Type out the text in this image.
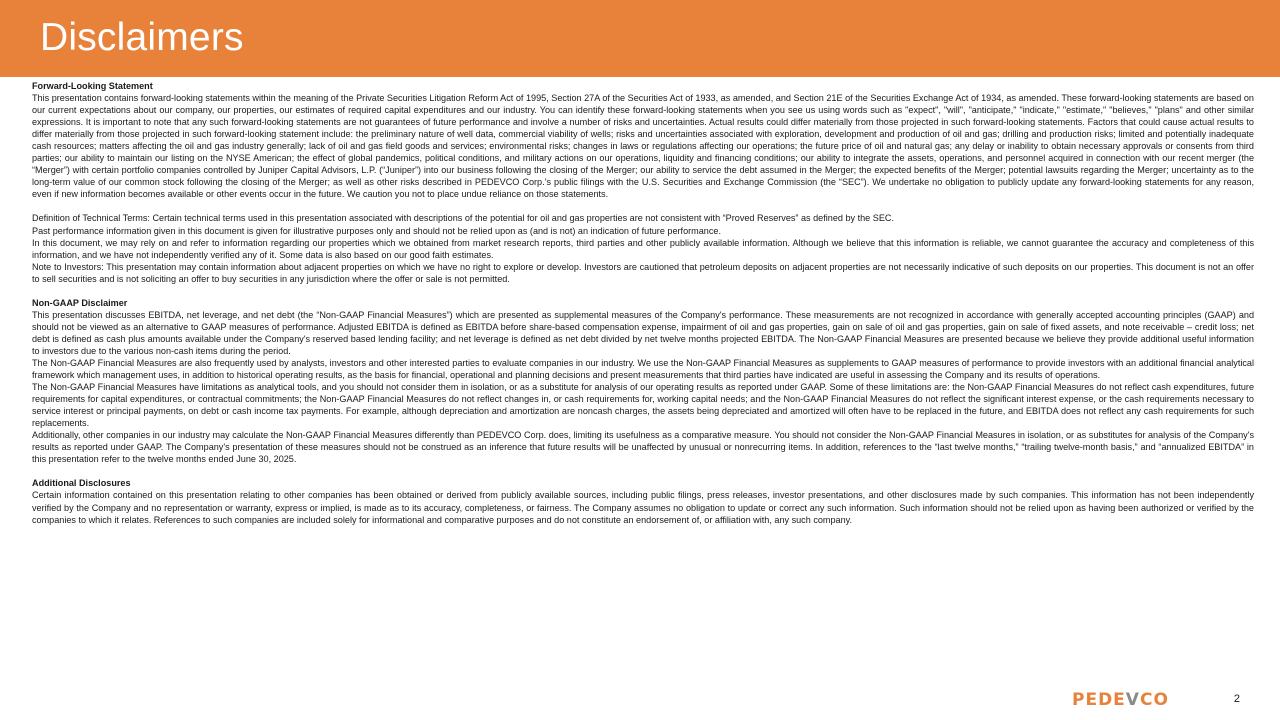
Disclaimers

Forward-Looking Statement

This presentation contains forward-looking statements within the meaning of the Private Securities Litigation Reform Act of 1995, Section 27A of the Securities Act of 1933, as amended, and Section 21E of the Securities Exchange Act of 1934, as amended. These forward-looking statements are based on our current expectations about our company, our properties, our estimates of required capital expenditures and our industry. You can identify these forward-looking statements when you see us using words such as "expect", "will", "anticipate," "indicate," "estimate," "believes," "plans" and other similar expressions. It is important to note that any such forward-looking statements are not guarantees of future performance and involve a number of risks and uncertainties. Actual results could differ materially from those projected in such forward-looking statements. Factors that could cause actual results to differ materially from those projected in such forward-looking statement include: the preliminary nature of well data, commercial viability of wells; risks and uncertainties associated with exploration, development and production of oil and gas; drilling and production risks; limited and potentially inadequate cash resources; matters affecting the oil and gas industry generally; lack of oil and gas field goods and services; environmental risks; changes in laws or regulations affecting our operations; the future price of oil and natural gas; any delay or inability to obtain necessary approvals or consents from third parties; our ability to maintain our listing on the NYSE American; the effect of global pandemics, political conditions, and military actions on our operations, liquidity and financing conditions; our ability to integrate the assets, operations, and personnel acquired in connection with our recent merger (the “Merger”) with certain portfolio companies controlled by Juniper Capital Advisors, L.P. (“Juniper”) into our business following the closing of the Merger; our ability to service the debt assumed in the Merger; the expected benefits of the Merger; potential lawsuits regarding the Merger; uncertainty as to the long-term value of our common stock following the closing of the Merger; as well as other risks described in PEDEVCO Corp.’s public filings with the U.S. Securities and Exchange Commission (the “SEC”). We undertake no obligation to publicly update any forward-looking statements for any reason, even if new information becomes available or other events occur in the future. We caution you not to place undue reliance on those statements.

Definition of Technical Terms: Certain technical terms used in this presentation associated with descriptions of the potential for oil and gas properties are not consistent with “Proved Reserves” as defined by the SEC.

Past performance information given in this document is given for illustrative purposes only and should not be relied upon as (and is not) an indication of future performance.

In this document, we may rely on and refer to information regarding our properties which we obtained from market research reports, third parties and other publicly available information. Although we believe that this information is reliable, we cannot guarantee the accuracy and completeness of this information, and we have not independently verified any of it. Some data is also based on our good faith estimates.

Note to Investors: This presentation may contain information about adjacent properties on which we have no right to explore or develop. Investors are cautioned that petroleum deposits on adjacent properties are not necessarily indicative of such deposits on our properties. This document is not an offer to sell securities and is not soliciting an offer to buy securities in any jurisdiction where the offer or sale is not permitted.

Non-GAAP Disclaimer

This presentation discusses EBITDA, net leverage, and net debt (the “Non-GAAP Financial Measures”) which are presented as supplemental measures of the Company's performance. These measurements are not recognized in accordance with generally accepted accounting principles (GAAP) and should not be viewed as an alternative to GAAP measures of performance. Adjusted EBITDA is defined as EBITDA before share-based compensation expense, impairment of oil and gas properties, gain on sale of oil and gas properties, gain on sale of fixed assets, and note receivable – credit loss; net debt is defined as cash plus amounts available under the Company's reserved based lending facility; and net leverage is defined as net debt divided by net twelve months projected EBITDA. The Non-GAAP Financial Measures are presented because we believe they provide additional useful information to investors due to the various non-cash items during the period.

The Non-GAAP Financial Measures are also frequently used by analysts, investors and other interested parties to evaluate companies in our industry. We use the Non-GAAP Financial Measures as supplements to GAAP measures of performance to provide investors with an additional financial analytical framework which management uses, in addition to historical operating results, as the basis for financial, operational and planning decisions and present measurements that third parties have indicated are useful in assessing the Company and its results of operations.

The Non-GAAP Financial Measures have limitations as analytical tools, and you should not consider them in isolation, or as a substitute for analysis of our operating results as reported under GAAP. Some of these limitations are: the Non-GAAP Financial Measures do not reflect cash expenditures, future requirements for capital expenditures, or contractual commitments; the Non-GAAP Financial Measures do not reflect changes in, or cash requirements for, working capital needs; and the Non-GAAP Financial Measures do not reflect the significant interest expense, or the cash requirements necessary to service interest or principal payments, on debt or cash income tax payments. For example, although depreciation and amortization are noncash charges, the assets being depreciated and amortized will often have to be replaced in the future, and EBITDA does not reflect any cash requirements for such replacements.

Additionally, other companies in our industry may calculate the Non-GAAP Financial Measures differently than PEDEVCO Corp. does, limiting its usefulness as a comparative measure. You should not consider the Non-GAAP Financial Measures in isolation, or as substitutes for analysis of the Company's results as reported under GAAP. The Company's presentation of these measures should not be construed as an inference that future results will be unaffected by unusual or nonrecurring items. In addition, references to the “last twelve months,” “trailing twelve-month basis,” and “annualized EBITDA” in this presentation refer to the twelve months ended June 30, 2025.

Additional Disclosures

Certain information contained on this presentation relating to other companies has been obtained or derived from publicly available sources, including public filings, press releases, investor presentations, and other disclosures made by such companies. This information has not been independently verified by the Company and no representation or warranty, express or implied, is made as to its accuracy, completeness, or fairness. The Company assumes no obligation to update or correct any such information. Such information should not be relied upon as having been authorized or verified by the companies to which it relates. References to such companies are included solely for informational and comparative purposes and do not constitute an endorsement of, or affiliation with, any such company.

PEDEVCO	2
